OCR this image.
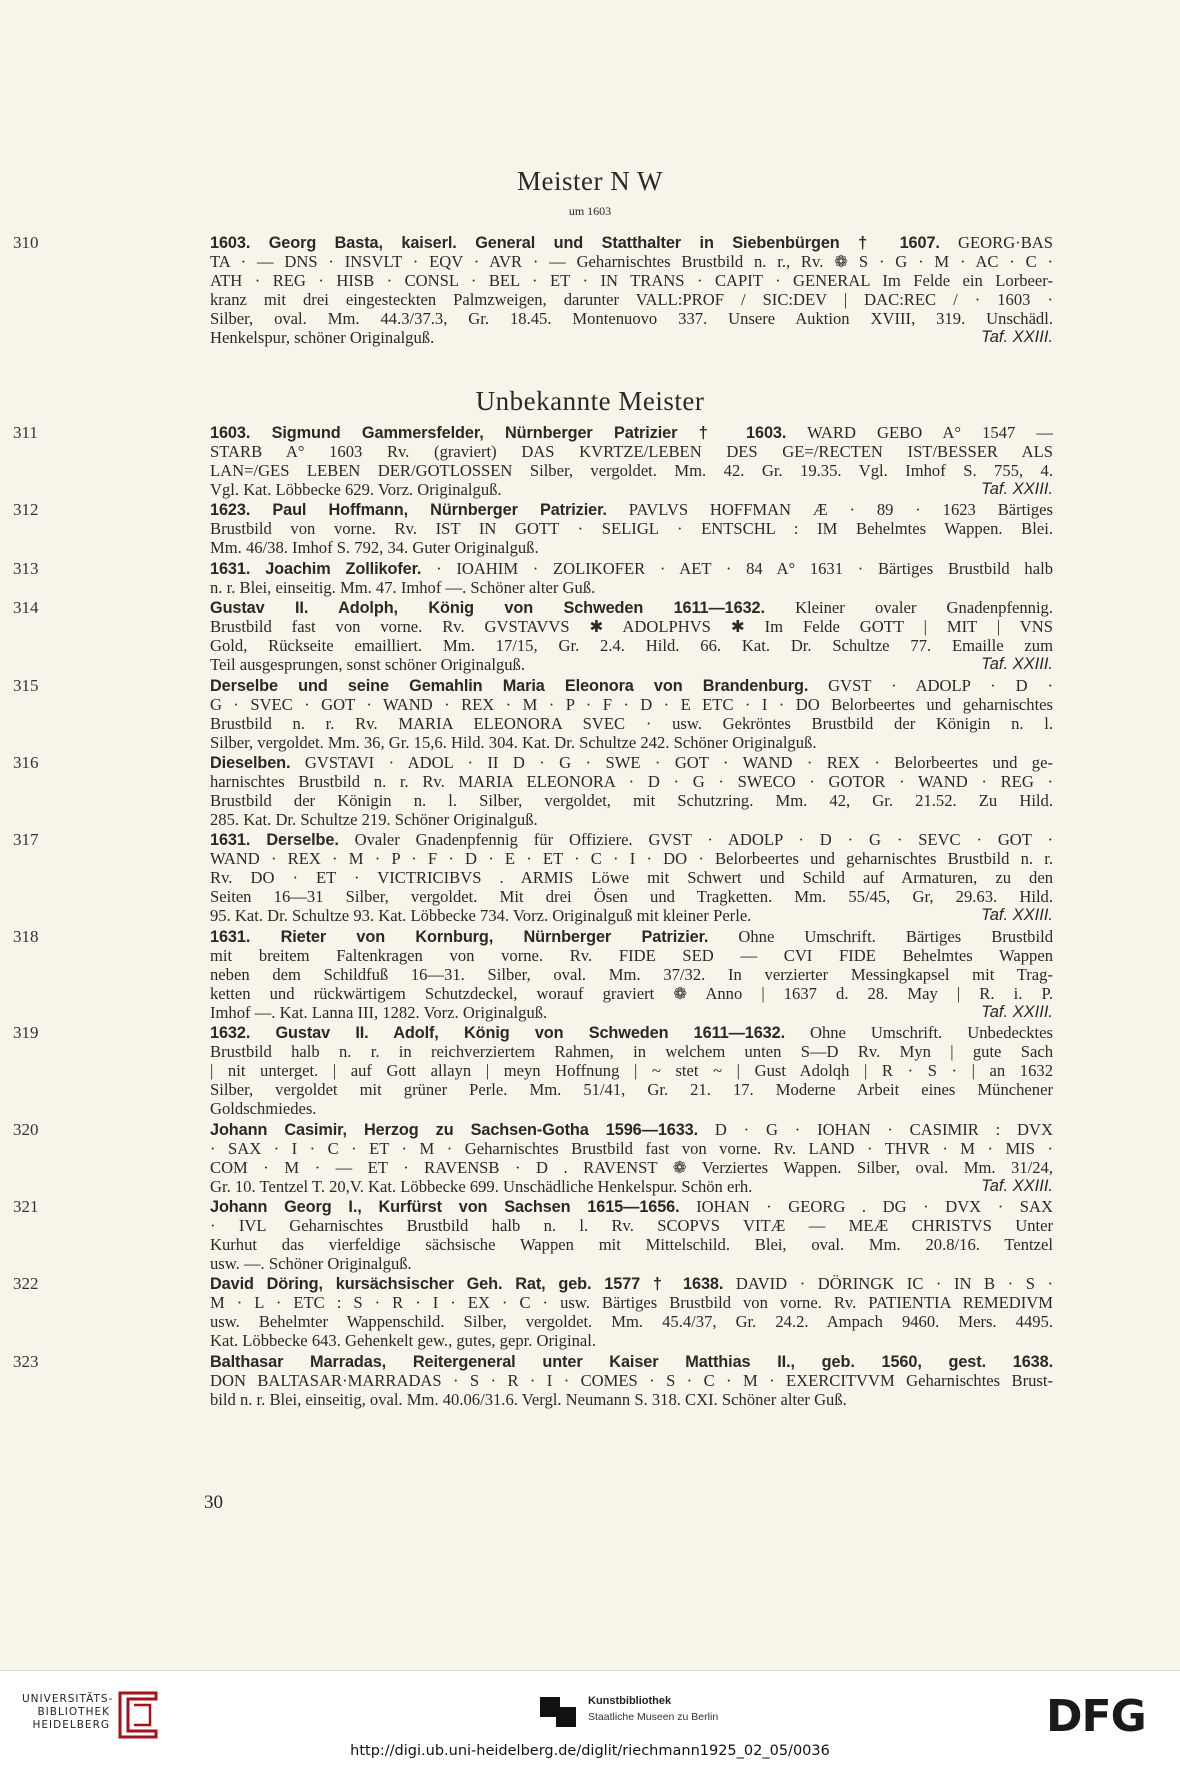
Meister N W
um 1603
Unbekannte Meister
310	1603. Georg Basta, kaiserl. General und Statthalter in Siebenbürgen † 1607. GEORG·BAS
TA · — DNS · INSVLT · EQV · AVR · — Geharnischtes Brustbild n. r., Rv. ❁ S · G · M · AC · C ·
ATH · REG · HISB · CONSL · BEL · ET · IN TRANS · CAPIT · GENERAL Im Felde ein Lorbeer-
kranz mit drei eingesteckten Palmzweigen, darunter VALL:PROF / SIC:DEV | DAC:REC / · 1603 ·
Silber, oval. Mm. 44.3/37.3, Gr. 18.45. Montenuovo 337. Unsere Auktion XVIII, 319. Unschädl.
Henkelspur, schöner Originalguß.	Taf. XXIII.
311	1603. Sigmund Gammersfelder, Nürnberger Patrizier † 1603. WARD GEBO A° 1547 —
STARB A° 1603 Rv. (graviert) DAS KVRTZE/LEBEN DES GE=/RECTEN IST/BESSER ALS
LAN=/GES LEBEN DER/GOTLOSSEN Silber, vergoldet. Mm. 42. Gr. 19.35. Vgl. Imhof S. 755, 4.
Vgl. Kat. Löbbecke 629. Vorz. Originalguß.	Taf. XXIII.
312	1623. Paul Hoffmann, Nürnberger Patrizier. PAVLVS HOFFMAN Æ · 89 · 1623 Bärtiges
Brustbild von vorne. Rv. IST IN GOTT · SELIGL · ENTSCHL : IM Behelmtes Wappen. Blei.
Mm. 46/38. Imhof S. 792, 34. Guter Originalguß.
313	1631. Joachim Zollikofer. · IOAHIM · ZOLIKOFER · AET · 84 A° 1631 · Bärtiges Brustbild halb
n. r. Blei, einseitig. Mm. 47. Imhof —. Schöner alter Guß.
314	Gustav II. Adolph, König von Schweden 1611—1632. Kleiner ovaler Gnadenpfennig.
Brustbild fast von vorne. Rv. GVSTAVVS ✱ ADOLPHVS ✱ Im Felde GOTT | MIT | VNS
Gold, Rückseite emailliert. Mm. 17/15, Gr. 2.4. Hild. 66. Kat. Dr. Schultze 77. Emaille zum
Teil ausgesprungen, sonst schöner Originalguß.	Taf. XXIII.
315	Derselbe und seine Gemahlin Maria Eleonora von Brandenburg. GVST · ADOLP · D ·
G · SVEC · GOT · WAND · REX · M · P · F · D · E ETC · I · DO Belorbeertes und geharnischtes
Brustbild n. r. Rv. MARIA ELEONORA SVEC · usw. Gekröntes Brustbild der Königin n. l.
Silber, vergoldet. Mm. 36, Gr. 15,6. Hild. 304. Kat. Dr. Schultze 242. Schöner Originalguß.
316	Dieselben. GVSTAVI · ADOL · II D · G · SWE · GOT · WAND · REX · Belorbeertes und ge-
harnischtes Brustbild n. r. Rv. MARIA ELEONORA · D · G · SWECO · GOTOR · WAND · REG ·
Brustbild der Königin n. l. Silber, vergoldet, mit Schutzring. Mm. 42, Gr. 21.52. Zu Hild.
285. Kat. Dr. Schultze 219. Schöner Originalguß.
317	1631. Derselbe. Ovaler Gnadenpfennig für Offiziere. GVST · ADOLP · D · G · SEVC · GOT ·
WAND · REX · M · P · F · D · E · ET · C · I · DO · Belorbeertes und geharnischtes Brustbild n. r.
Rv. DO · ET · VICTRICIBVS . ARMIS Löwe mit Schwert und Schild auf Armaturen, zu den
Seiten 16—31 Silber, vergoldet. Mit drei Ösen und Tragketten. Mm. 55/45, Gr, 29.63. Hild.
95. Kat. Dr. Schultze 93. Kat. Löbbecke 734. Vorz. Originalguß mit kleiner Perle.	Taf. XXIII.
318	1631. Rieter von Kornburg, Nürnberger Patrizier. Ohne Umschrift. Bärtiges Brustbild
mit breitem Faltenkragen von vorne. Rv. FIDE SED — CVI FIDE Behelmtes Wappen
neben dem Schildfuß 16—31. Silber, oval. Mm. 37/32. In verzierter Messingkapsel mit Trag-
ketten und rückwärtigem Schutzdeckel, worauf graviert ❁ Anno | 1637 d. 28. May | R. i. P.
Imhof —. Kat. Lanna III, 1282. Vorz. Originalguß.	Taf. XXIII.
319	1632. Gustav II. Adolf, König von Schweden 1611—1632. Ohne Umschrift. Unbedecktes
Brustbild halb n. r. in reichverziertem Rahmen, in welchem unten S—D Rv. Myn | gute Sach
| nit unterget. | auf Gott allayn | meyn Hoffnung | ~ stet ~ | Gust Adolqh | R · S · | an 1632
Silber, vergoldet mit grüner Perle. Mm. 51/41, Gr. 21. 17. Moderne Arbeit eines Münchener
Goldschmiedes.
320	Johann Casimir, Herzog zu Sachsen-Gotha 1596—1633. D · G · IOHAN · CASIMIR : DVX
· SAX · I · C · ET · M · Geharnischtes Brustbild fast von vorne. Rv. LAND · THVR · M · MIS ·
COM · M · — ET · RAVENSB · D . RAVENST ❁ Verziertes Wappen. Silber, oval. Mm. 31/24,
Gr. 10. Tentzel T. 20,V. Kat. Löbbecke 699. Unschädliche Henkelspur. Schön erh.	Taf. XXIII.
321	Johann Georg I., Kurfürst von Sachsen 1615—1656. IOHAN · GEORG . DG · DVX · SAX
· IVL Geharnischtes Brustbild halb n. l. Rv. SCOPVS VITÆ — MEÆ CHRISTVS Unter
Kurhut das vierfeldige sächsische Wappen mit Mittelschild. Blei, oval. Mm. 20.8/16. Tentzel
usw. —. Schöner Originalguß.
322	David Döring, kursächsischer Geh. Rat, geb. 1577 † 1638. DAVID · DÖRINGK IC · IN B · S ·
M · L · ETC : S · R · I · EX · C · usw. Bärtiges Brustbild von vorne. Rv. PATIENTIA REMEDIVM
usw. Behelmter Wappenschild. Silber, vergoldet. Mm. 45.4/37, Gr. 24.2. Ampach 9460. Mers. 4495.
Kat. Löbbecke 643. Gehenkelt gew., gutes, gepr. Original.
323	Balthasar Marradas, Reitergeneral unter Kaiser Matthias II., geb. 1560, gest. 1638.
DON BALTASAR·MARRADAS · S · R · I · COMES · S · C · M · EXERCITVVM Geharnischtes Brust-
bild n. r. Blei, einseitig, oval. Mm. 40.06/31.6. Vergl. Neumann S. 318. CXI. Schöner alter Guß.
30
UNIVERSITÄTS-
BIBLIOTHEK
HEIDELBERG
Kunstbibliothek
Staatliche Museen zu Berlin	DFG
http://digi.ub.uni-heidelberg.de/diglit/riechmann1925_02_05/0036
